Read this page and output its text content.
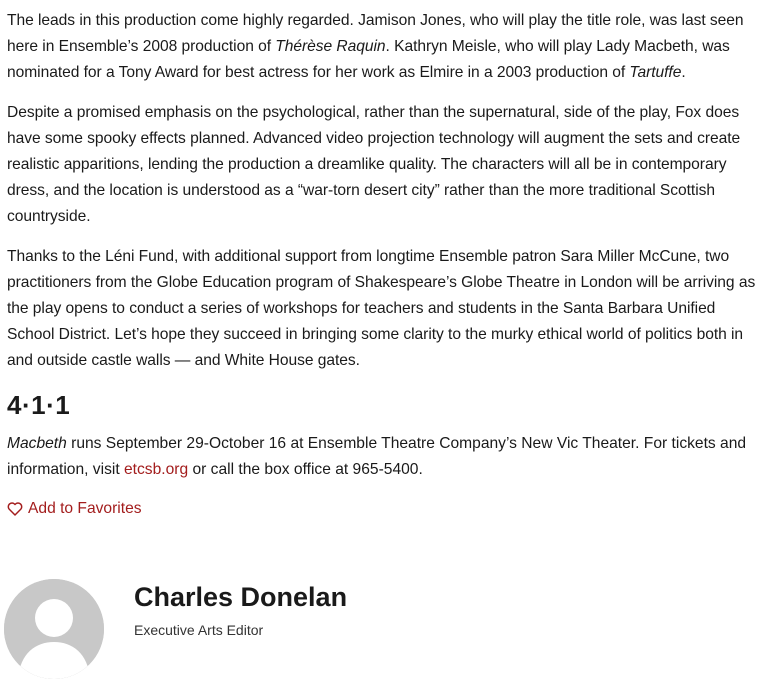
The leads in this production come highly regarded. Jamison Jones, who will play the title role, was last seen here in Ensemble’s 2008 production of Thérèse Raquin. Kathryn Meisle, who will play Lady Macbeth, was nominated for a Tony Award for best actress for her work as Elmire in a 2003 production of Tartuffe.

Despite a promised emphasis on the psychological, rather than the supernatural, side of the play, Fox does have some spooky effects planned. Advanced video projection technology will augment the sets and create realistic apparitions, lending the production a dreamlike quality. The characters will all be in contemporary dress, and the location is understood as a “war-torn desert city” rather than the more traditional Scottish countryside.

Thanks to the Léni Fund, with additional support from longtime Ensemble patron Sara Miller McCune, two practitioners from the Globe Education program of Shakespeare’s Globe Theatre in London will be arriving as the play opens to conduct a series of workshops for teachers and students in the Santa Barbara Unified School District. Let’s hope they succeed in bringing some clarity to the murky ethical world of politics both in and outside castle walls — and White House gates.

4·1·1

Macbeth runs September 29-October 16 at Ensemble Theatre Company’s New Vic Theater. For tickets and information, visit etcsb.org or call the box office at 965-5400.

Add to Favorites
Charles Donelan
Executive Arts Editor
